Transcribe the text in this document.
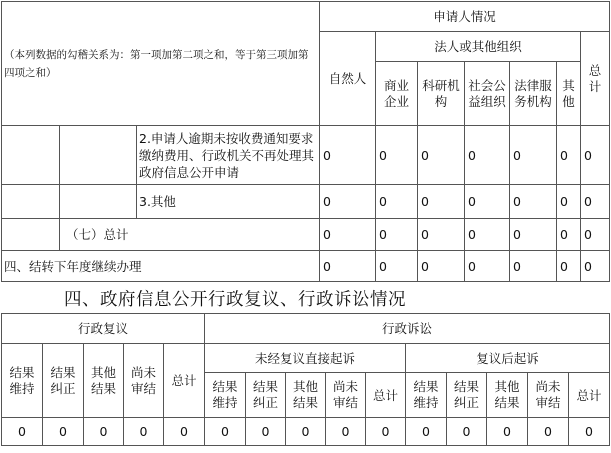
（本列数据的勾稽关系为：第一项加第二项之和，等于第三项加第四项之和）			申请人情况						
			自然人	法人或其他组织					总计
				商业企业	科研机构	社会公益组织	法律服务机构	其他	
		2.申请人逾期未按收费通知要求缴纳费用、行政机关不再处理其政府信息公开申请	0	0	0	0	0	0	0
		3.其他	0	0	0	0	0	0	0
	（七）总计		0	0	0	0	0	0	0
四、结转下年度继续办理			0	0	0	0	0	0	0
四、政府信息公开行政复议、行政诉讼情况
行政复议					行政诉讼									
结果维持	结果纠正	其他结果	尚未审结	总计	未经复议直接起诉					复议后起诉				
					结果维持	结果纠正	其他结果	尚未审结	总计	结果维持	结果纠正	其他结果	尚未审结	总计
0	0	0	0	0	0	0	0	0	0	0	0	0	0	0
